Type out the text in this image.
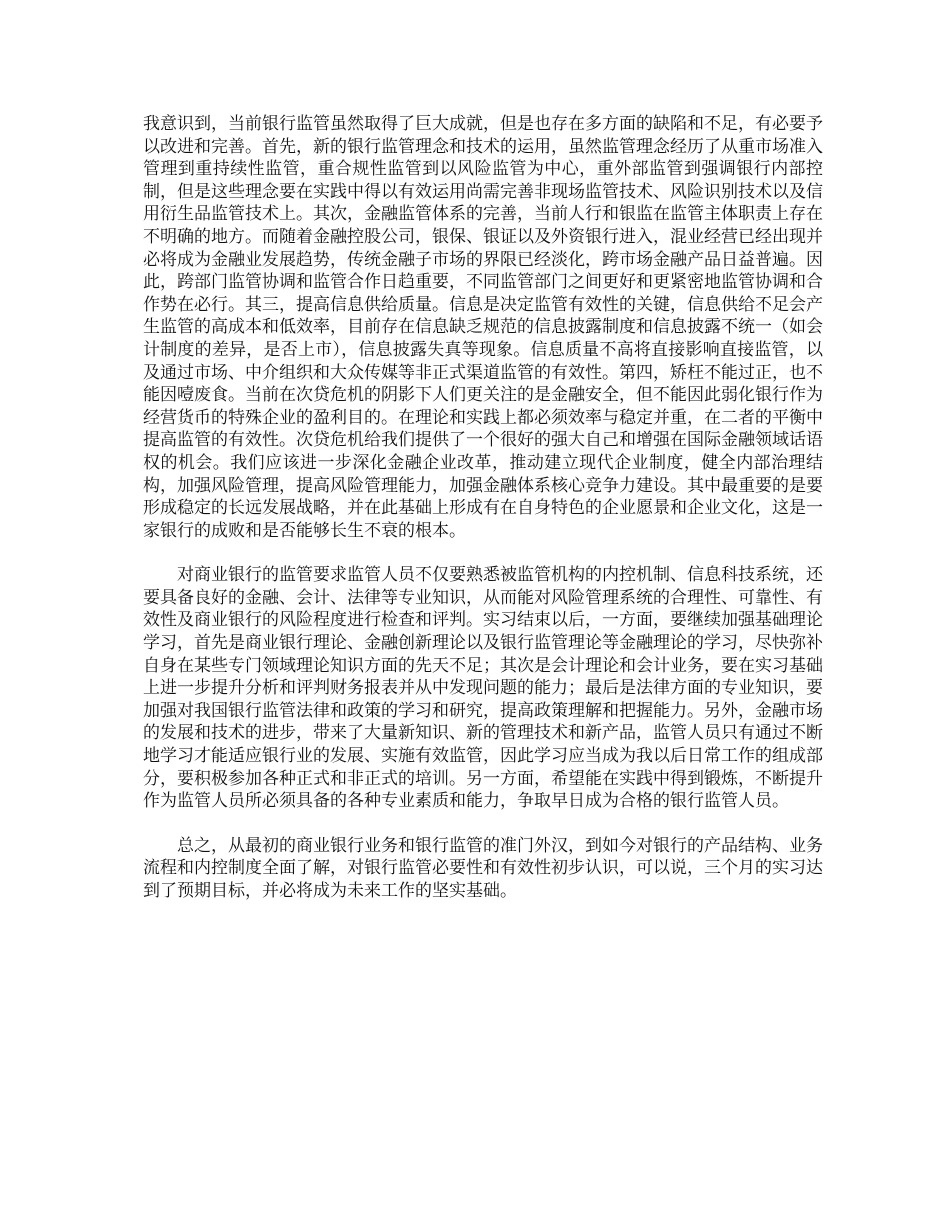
我意识到，当前银行监管虽然取得了巨大成就，但是也存在多方面的缺陷和不足，有必要予以改进和完善。首先，新的银行监管理念和技术的运用，虽然监管理念经历了从重市场准入管理到重持续性监管，重合规性监管到以风险监管为中心，重外部监管到强调银行内部控制，但是这些理念要在实践中得以有效运用尚需完善非现场监管技术、风险识别技术以及信用衍生品监管技术上。其次，金融监管体系的完善，当前人行和银监在监管主体职责上存在不明确的地方。而随着金融控股公司，银保、银证以及外资银行进入，混业经营已经出现并必将成为金融业发展趋势，传统金融子市场的界限已经淡化，跨市场金融产品日益普遍。因此，跨部门监管协调和监管合作日趋重要，不同监管部门之间更好和更紧密地监管协调和合作势在必行。其三，提高信息供给质量。信息是决定监管有效性的关键，信息供给不足会产生监管的高成本和低效率，目前存在信息缺乏规范的信息披露制度和信息披露不统一（如会计制度的差异，是否上市），信息披露失真等现象。信息质量不高将直接影响直接监管，以及通过市场、中介组织和大众传媒等非正式渠道监管的有效性。第四，矫枉不能过正，也不能因噎废食。当前在次贷危机的阴影下人们更关注的是金融安全，但不能因此弱化银行作为经营货币的特殊企业的盈利目的。在理论和实践上都必须效率与稳定并重，在二者的平衡中提高监管的有效性。次贷危机给我们提供了一个很好的强大自己和增强在国际金融领域话语权的机会。我们应该进一步深化金融企业改革，推动建立现代企业制度，健全内部治理结构，加强风险管理，提高风险管理能力，加强金融体系核心竞争力建设。其中最重要的是要形成稳定的长远发展战略，并在此基础上形成有在自身特色的企业愿景和企业文化，这是一家银行的成败和是否能够长生不衰的根本。

对商业银行的监管要求监管人员不仅要熟悉被监管机构的内控机制、信息科技系统，还要具备良好的金融、会计、法律等专业知识，从而能对风险管理系统的合理性、可靠性、有效性及商业银行的风险程度进行检查和评判。实习结束以后，一方面，要继续加强基础理论学习，首先是商业银行理论、金融创新理论以及银行监管理论等金融理论的学习，尽快弥补自身在某些专门领域理论知识方面的先天不足；其次是会计理论和会计业务，要在实习基础上进一步提升分析和评判财务报表并从中发现问题的能力；最后是法律方面的专业知识，要加强对我国银行监管法律和政策的学习和研究，提高政策理解和把握能力。另外，金融市场的发展和技术的进步，带来了大量新知识、新的管理技术和新产品，监管人员只有通过不断地学习才能适应银行业的发展、实施有效监管，因此学习应当成为我以后日常工作的组成部分，要积极参加各种正式和非正式的培训。另一方面，希望能在实践中得到锻炼，不断提升作为监管人员所必须具备的各种专业素质和能力，争取早日成为合格的银行监管人员。

总之，从最初的商业银行业务和银行监管的准门外汉，到如今对银行的产品结构、业务流程和内控制度全面了解，对银行监管必要性和有效性初步认识，可以说，三个月的实习达到了预期目标，并必将成为未来工作的坚实基础。
